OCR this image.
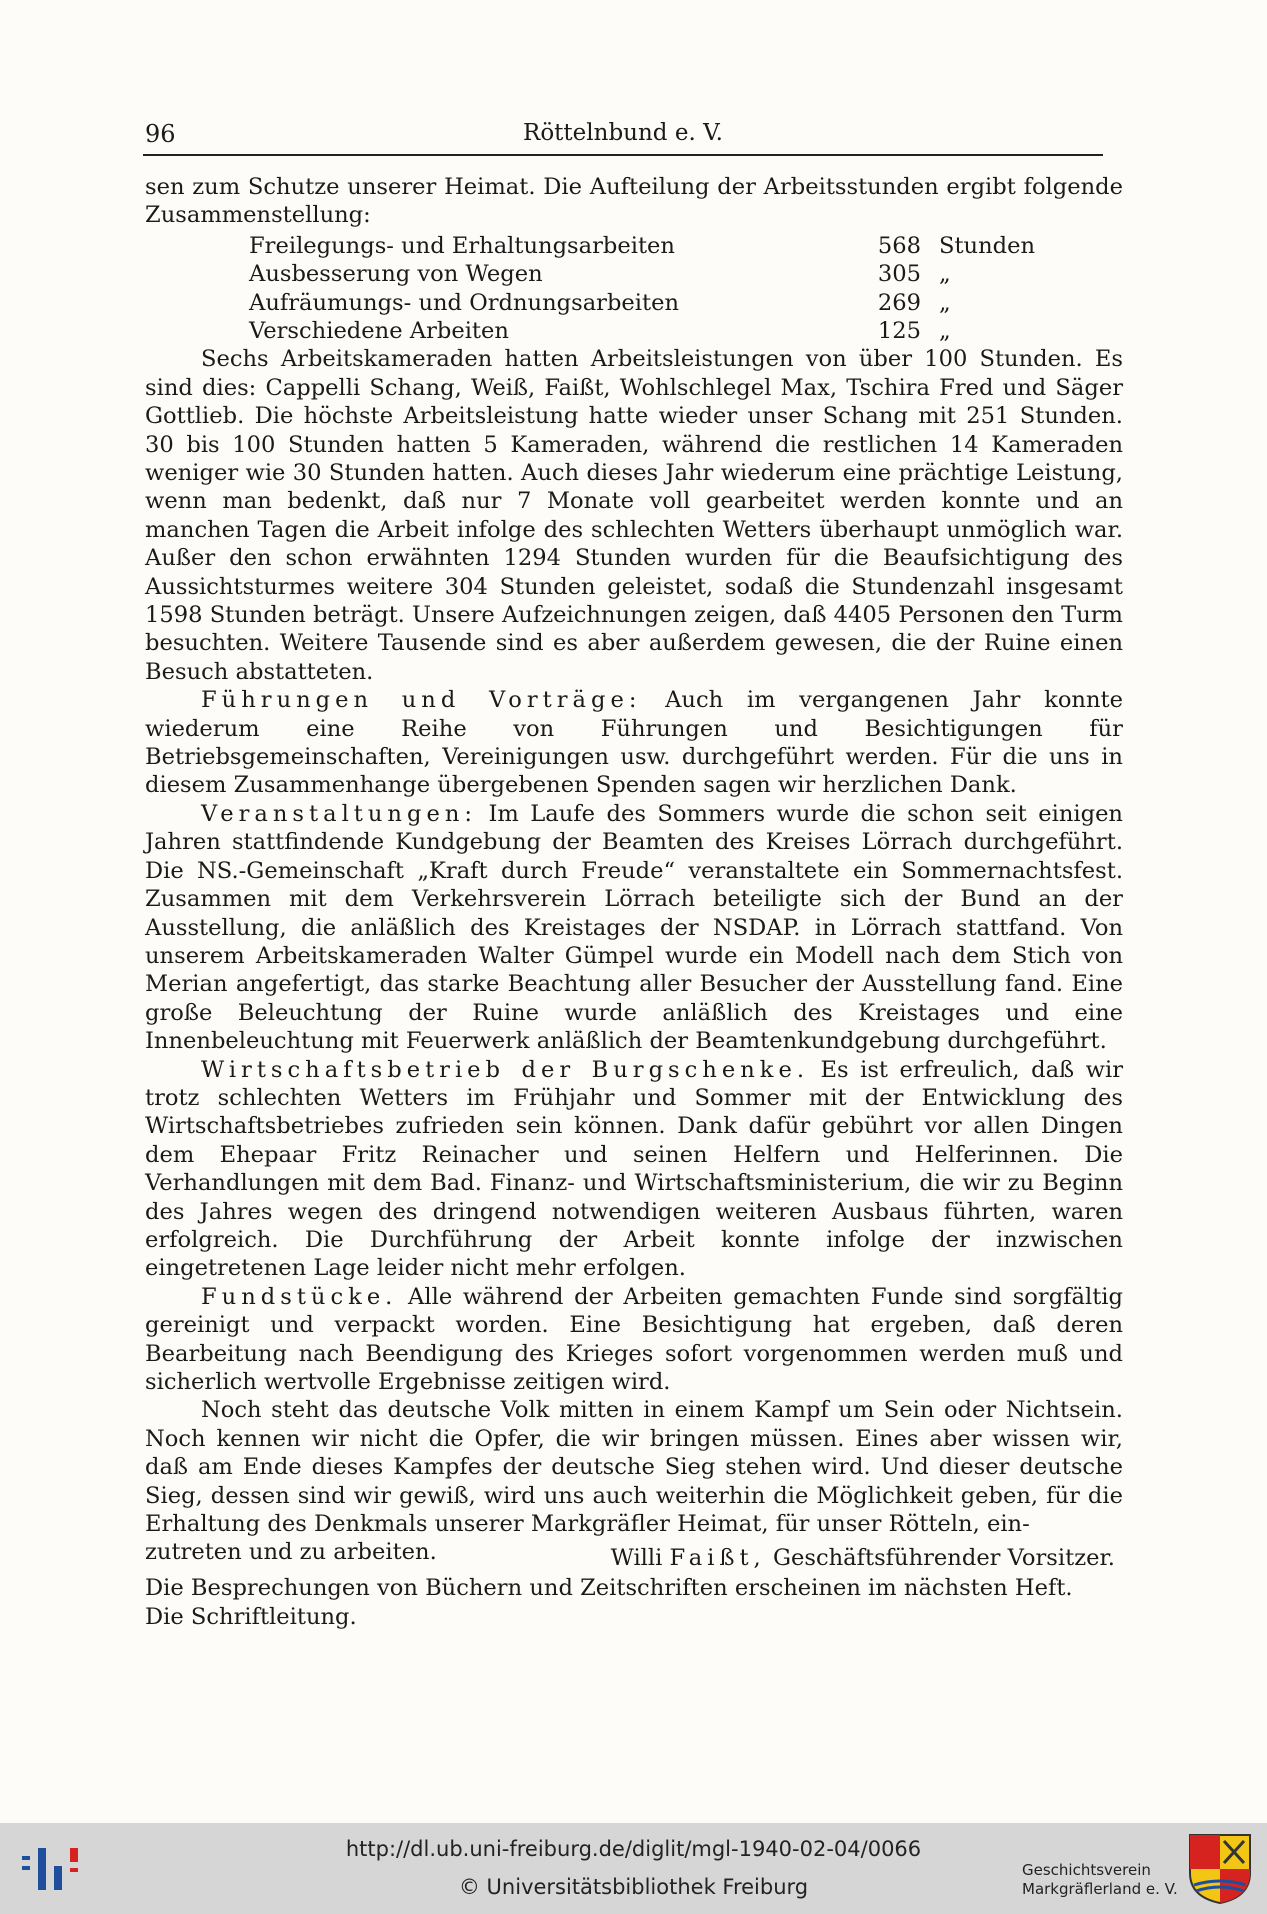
96	Röttelnbund e. V.

sen zum Schutze unserer Heimat. Die Aufteilung der Arbeitsstunden ergibt folgende Zusammenstellung:

Freilegungs- und Erhaltungsarbeiten	568 Stunden
Ausbesserung von Wegen	305 „
Aufräumungs- und Ordnungsarbeiten	269 „
Verschiedene Arbeiten	125 „

Sechs Arbeitskameraden hatten Arbeitsleistungen von über 100 Stunden. Es sind dies: Cappelli Schang, Weiß, Faißt, Wohlschlegel Max, Tschira Fred und Säger Gottlieb. Die höchste Arbeitsleistung hatte wieder unser Schang mit 251 Stunden. 30 bis 100 Stunden hatten 5 Kameraden, während die restlichen 14 Kameraden weniger wie 30 Stunden hatten. Auch dieses Jahr wiederum eine prächtige Leistung, wenn man bedenkt, daß nur 7 Monate voll gearbeitet werden konnte und an manchen Tagen die Arbeit infolge des schlechten Wetters überhaupt unmöglich war. Außer den schon erwähnten 1294 Stunden wurden für die Beaufsichtigung des Aussichtsturmes weitere 304 Stunden geleistet, sodaß die Stundenzahl insgesamt 1598 Stunden beträgt. Unsere Aufzeichnungen zeigen, daß 4405 Personen den Turm besuchten. Weitere Tausende sind es aber außerdem gewesen, die der Ruine einen Besuch abstatteten.

Führungen und Vorträge: Auch im vergangenen Jahr konnte wiederum eine Reihe von Führungen und Besichtigungen für Betriebsgemeinschaften, Vereinigungen usw. durchgeführt werden. Für die uns in diesem Zusammenhange übergebenen Spenden sagen wir herzlichen Dank.

Veranstaltungen: Im Laufe des Sommers wurde die schon seit einigen Jahren stattfindende Kundgebung der Beamten des Kreises Lörrach durchgeführt. Die NS.-Gemeinschaft „Kraft durch Freude“ veranstaltete ein Sommernachtsfest. Zusammen mit dem Verkehrsverein Lörrach beteiligte sich der Bund an der Ausstellung, die anläßlich des Kreistages der NSDAP. in Lörrach stattfand. Von unserem Arbeitskameraden Walter Gümpel wurde ein Modell nach dem Stich von Merian angefertigt, das starke Beachtung aller Besucher der Ausstellung fand. Eine große Beleuchtung der Ruine wurde anläßlich des Kreistages und eine Innenbeleuchtung mit Feuerwerk anläßlich der Beamtenkundgebung durchgeführt.

Wirtschaftsbetrieb der Burgschenke. Es ist erfreulich, daß wir trotz schlechten Wetters im Frühjahr und Sommer mit der Entwicklung des Wirtschaftsbetriebes zufrieden sein können. Dank dafür gebührt vor allen Dingen dem Ehepaar Fritz Reinacher und seinen Helfern und Helferinnen. Die Verhandlungen mit dem Bad. Finanz- und Wirtschaftsministerium, die wir zu Beginn des Jahres wegen des dringend notwendigen weiteren Ausbaus führten, waren erfolgreich. Die Durchführung der Arbeit konnte infolge der inzwischen eingetretenen Lage leider nicht mehr erfolgen.

Fundstücke. Alle während der Arbeiten gemachten Funde sind sorgfältig gereinigt und verpackt worden. Eine Besichtigung hat ergeben, daß deren Bearbeitung nach Beendigung des Krieges sofort vorgenommen werden muß und sicherlich wertvolle Ergebnisse zeitigen wird.

Noch steht das deutsche Volk mitten in einem Kampf um Sein oder Nichtsein. Noch kennen wir nicht die Opfer, die wir bringen müssen. Eines aber wissen wir, daß am Ende dieses Kampfes der deutsche Sieg stehen wird. Und dieser deutsche Sieg, dessen sind wir gewiß, wird uns auch weiterhin die Möglichkeit geben, für die Erhaltung des Denkmals unserer Markgräfler Heimat, für unser Rötteln, ein-

zutreten und zu arbeiten.	Willi Faißt, Geschäftsführender Vorsitzer.

Die Besprechungen von Büchern und Zeitschriften erscheinen im nächsten Heft.

Die Schriftleitung.

http://dl.ub.uni-freiburg.de/diglit/mgl-1940-02-04/0066
© Universitätsbibliothek Freiburg
Geschichtsverein
Markgräflerland e. V.
